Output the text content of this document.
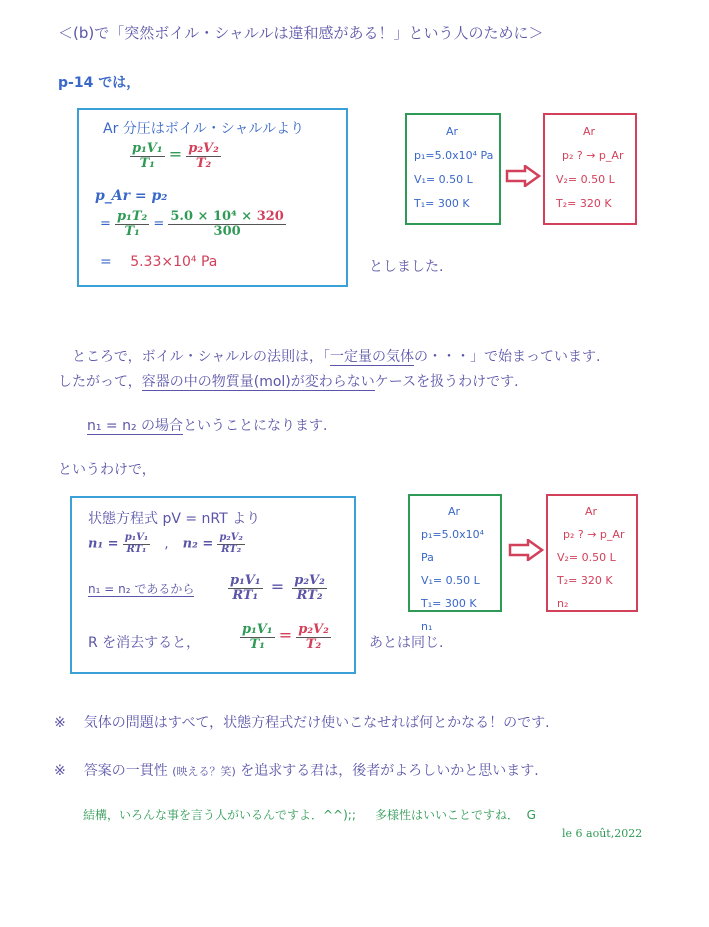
＜(b)で「突然ボイル・シャルルは違和感がある！」という人のために＞
p-14 では，
Ar 分圧はボイル・シャルルより
$\frac{\text{p₁V₁}}{\text{T₁}} = \frac{\text{p₂V₂}}{\text{T₂}}$
p_Ar = p₂
= $\frac{\text{p₁T₂}}{\text{T₁}} = \frac{\text{5.0 × 10⁴ × 320}}{300}$
= 5.33×10⁴ Pa	としました.
Ar
p₁=5.0x10⁴ Pa
V₁= 0.50 L
T₁= 300 K
Ar
p₂ ? → p_Ar
V₂= 0.50 L
T₂= 320 K
ところで，ボイル・シャルルの法則は，「一定量の気体の・・・」で始まっています.
したがって，容器の中の物質量(mol)が変わらないケースを扱うわけです.
n₁ = n₂ の場合ということになります.
というわけで，
状態方程式 pV = nRT より
$n_1 = \frac{\text{p₁V₁}}{\text{RT₁}}$ , $n_2 = \frac{\text{p₂V₂}}{\text{RT₂}}$
n₁ = n₂ であるから	$\frac{\text{p₁V₁}}{\text{RT₁}} = \frac{\text{p₂V₂}}{\text{RT₂}}$
R を消去すると，	$\frac{\text{p₁V₁}}{\text{T₁}} = \frac{\text{p₂V₂}}{\text{T₂}}$	あとは同じ.
Ar
p₁=5.0x10⁴ Pa
V₁= 0.50 L
T₁= 300 K
n₁
Ar
p₂ ? → p_Ar
V₂= 0.50 L
T₂= 320 K
n₂
※ 気体の問題はすべて，状態方程式だけ使いこなせれば何とかなる！のです.
※ 答案の一貫性 (映える？笑) を追求する君は，後者がよろしいかと思います.
結構，いろんな事を言う人がいるんですよ．^^);;     多様性はいいことですね．  G
le 6 août,2022
